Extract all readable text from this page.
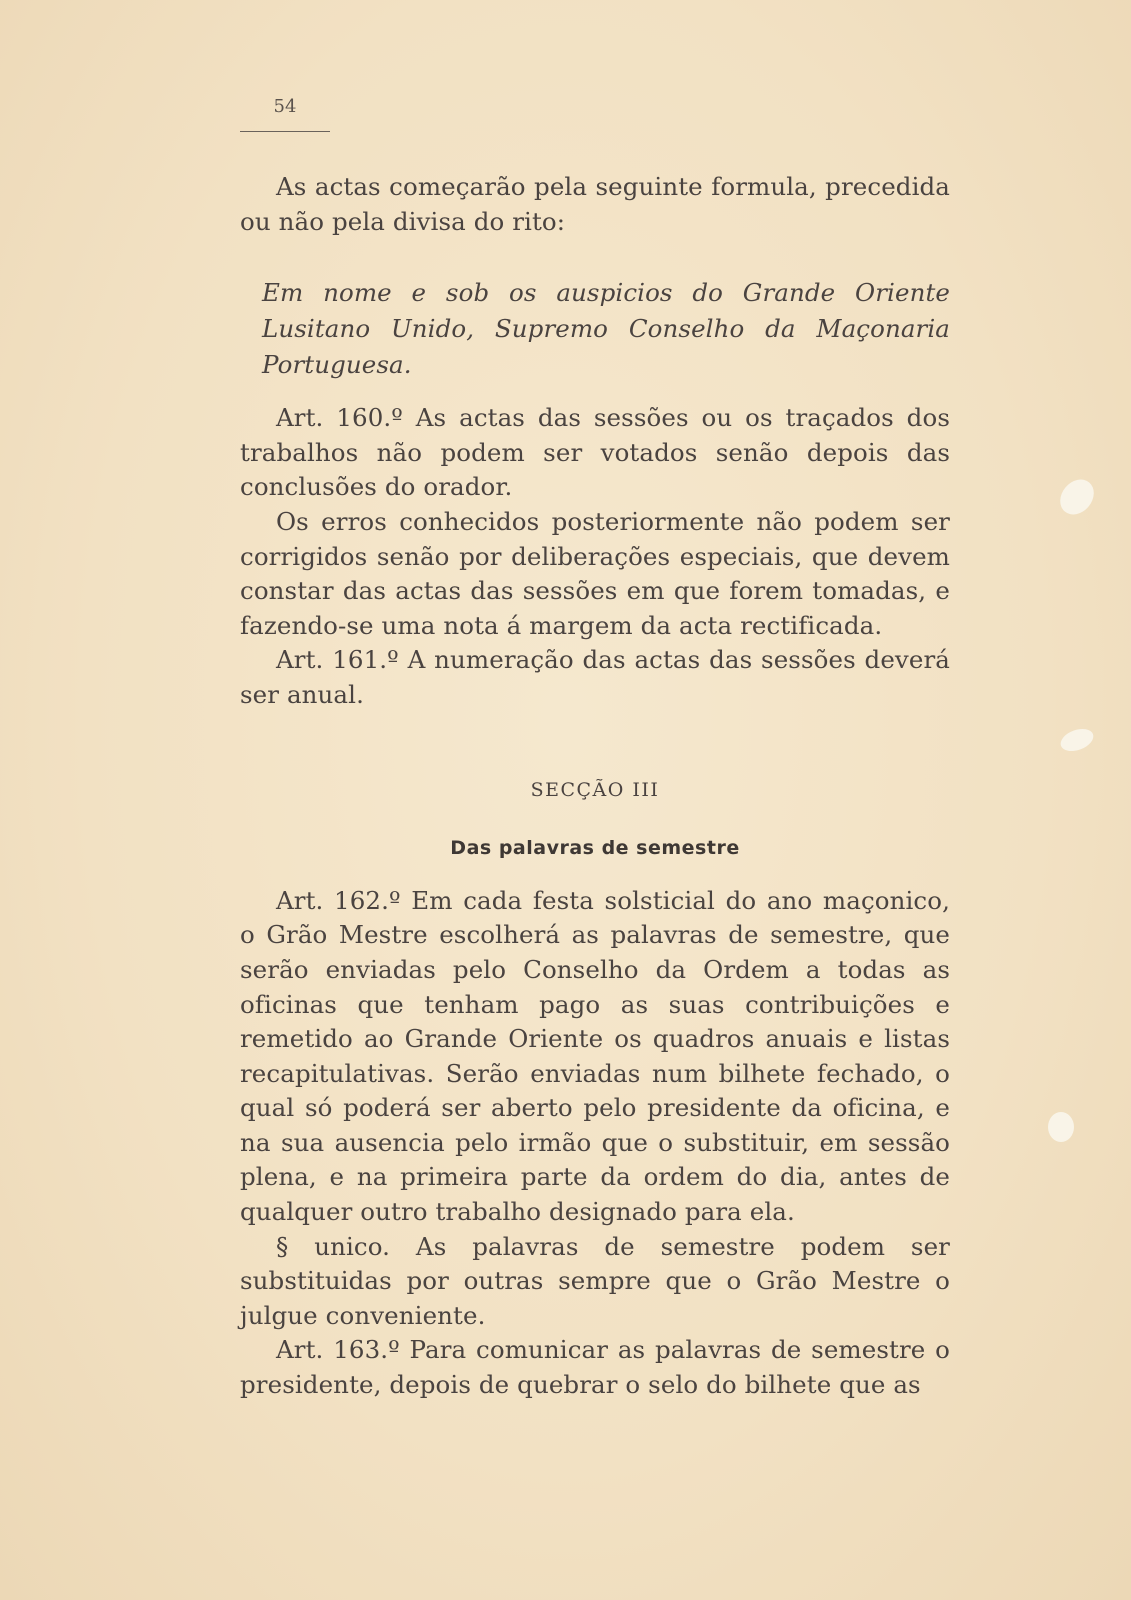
54

As actas começarão pela seguinte formula, precedida ou não pela divisa do rito:

Em nome e sob os auspicios do Grande Oriente Lusitano Unido, Supremo Conselho da Maçonaria Portuguesa.

Art. 160.º As actas das sessões ou os traçados dos trabalhos não podem ser votados senão depois das conclusões do orador.

Os erros conhecidos posteriormente não podem ser corrigidos senão por deliberações especiais, que devem constar das actas das sessões em que forem tomadas, e fazendo-se uma nota á margem da acta rectificada.

Art. 161.º A numeração das actas das sessões deverá ser anual.

SECÇÃO III

Das palavras de semestre

Art. 162.º Em cada festa solsticial do ano maçonico, o Grão Mestre escolherá as palavras de semestre, que serão enviadas pelo Conselho da Ordem a todas as oficinas que tenham pago as suas contribuições e remetido ao Grande Oriente os quadros anuais e listas recapitulativas. Serão enviadas num bilhete fechado, o qual só poderá ser aberto pelo presidente da oficina, e na sua ausencia pelo irmão que o substituir, em sessão plena, e na primeira parte da ordem do dia, antes de qualquer outro trabalho designado para ela.

§ unico. As palavras de semestre podem ser substituidas por outras sempre que o Grão Mestre o julgue conveniente.

Art. 163.º Para comunicar as palavras de semestre o presidente, depois de quebrar o selo do bilhete que as
